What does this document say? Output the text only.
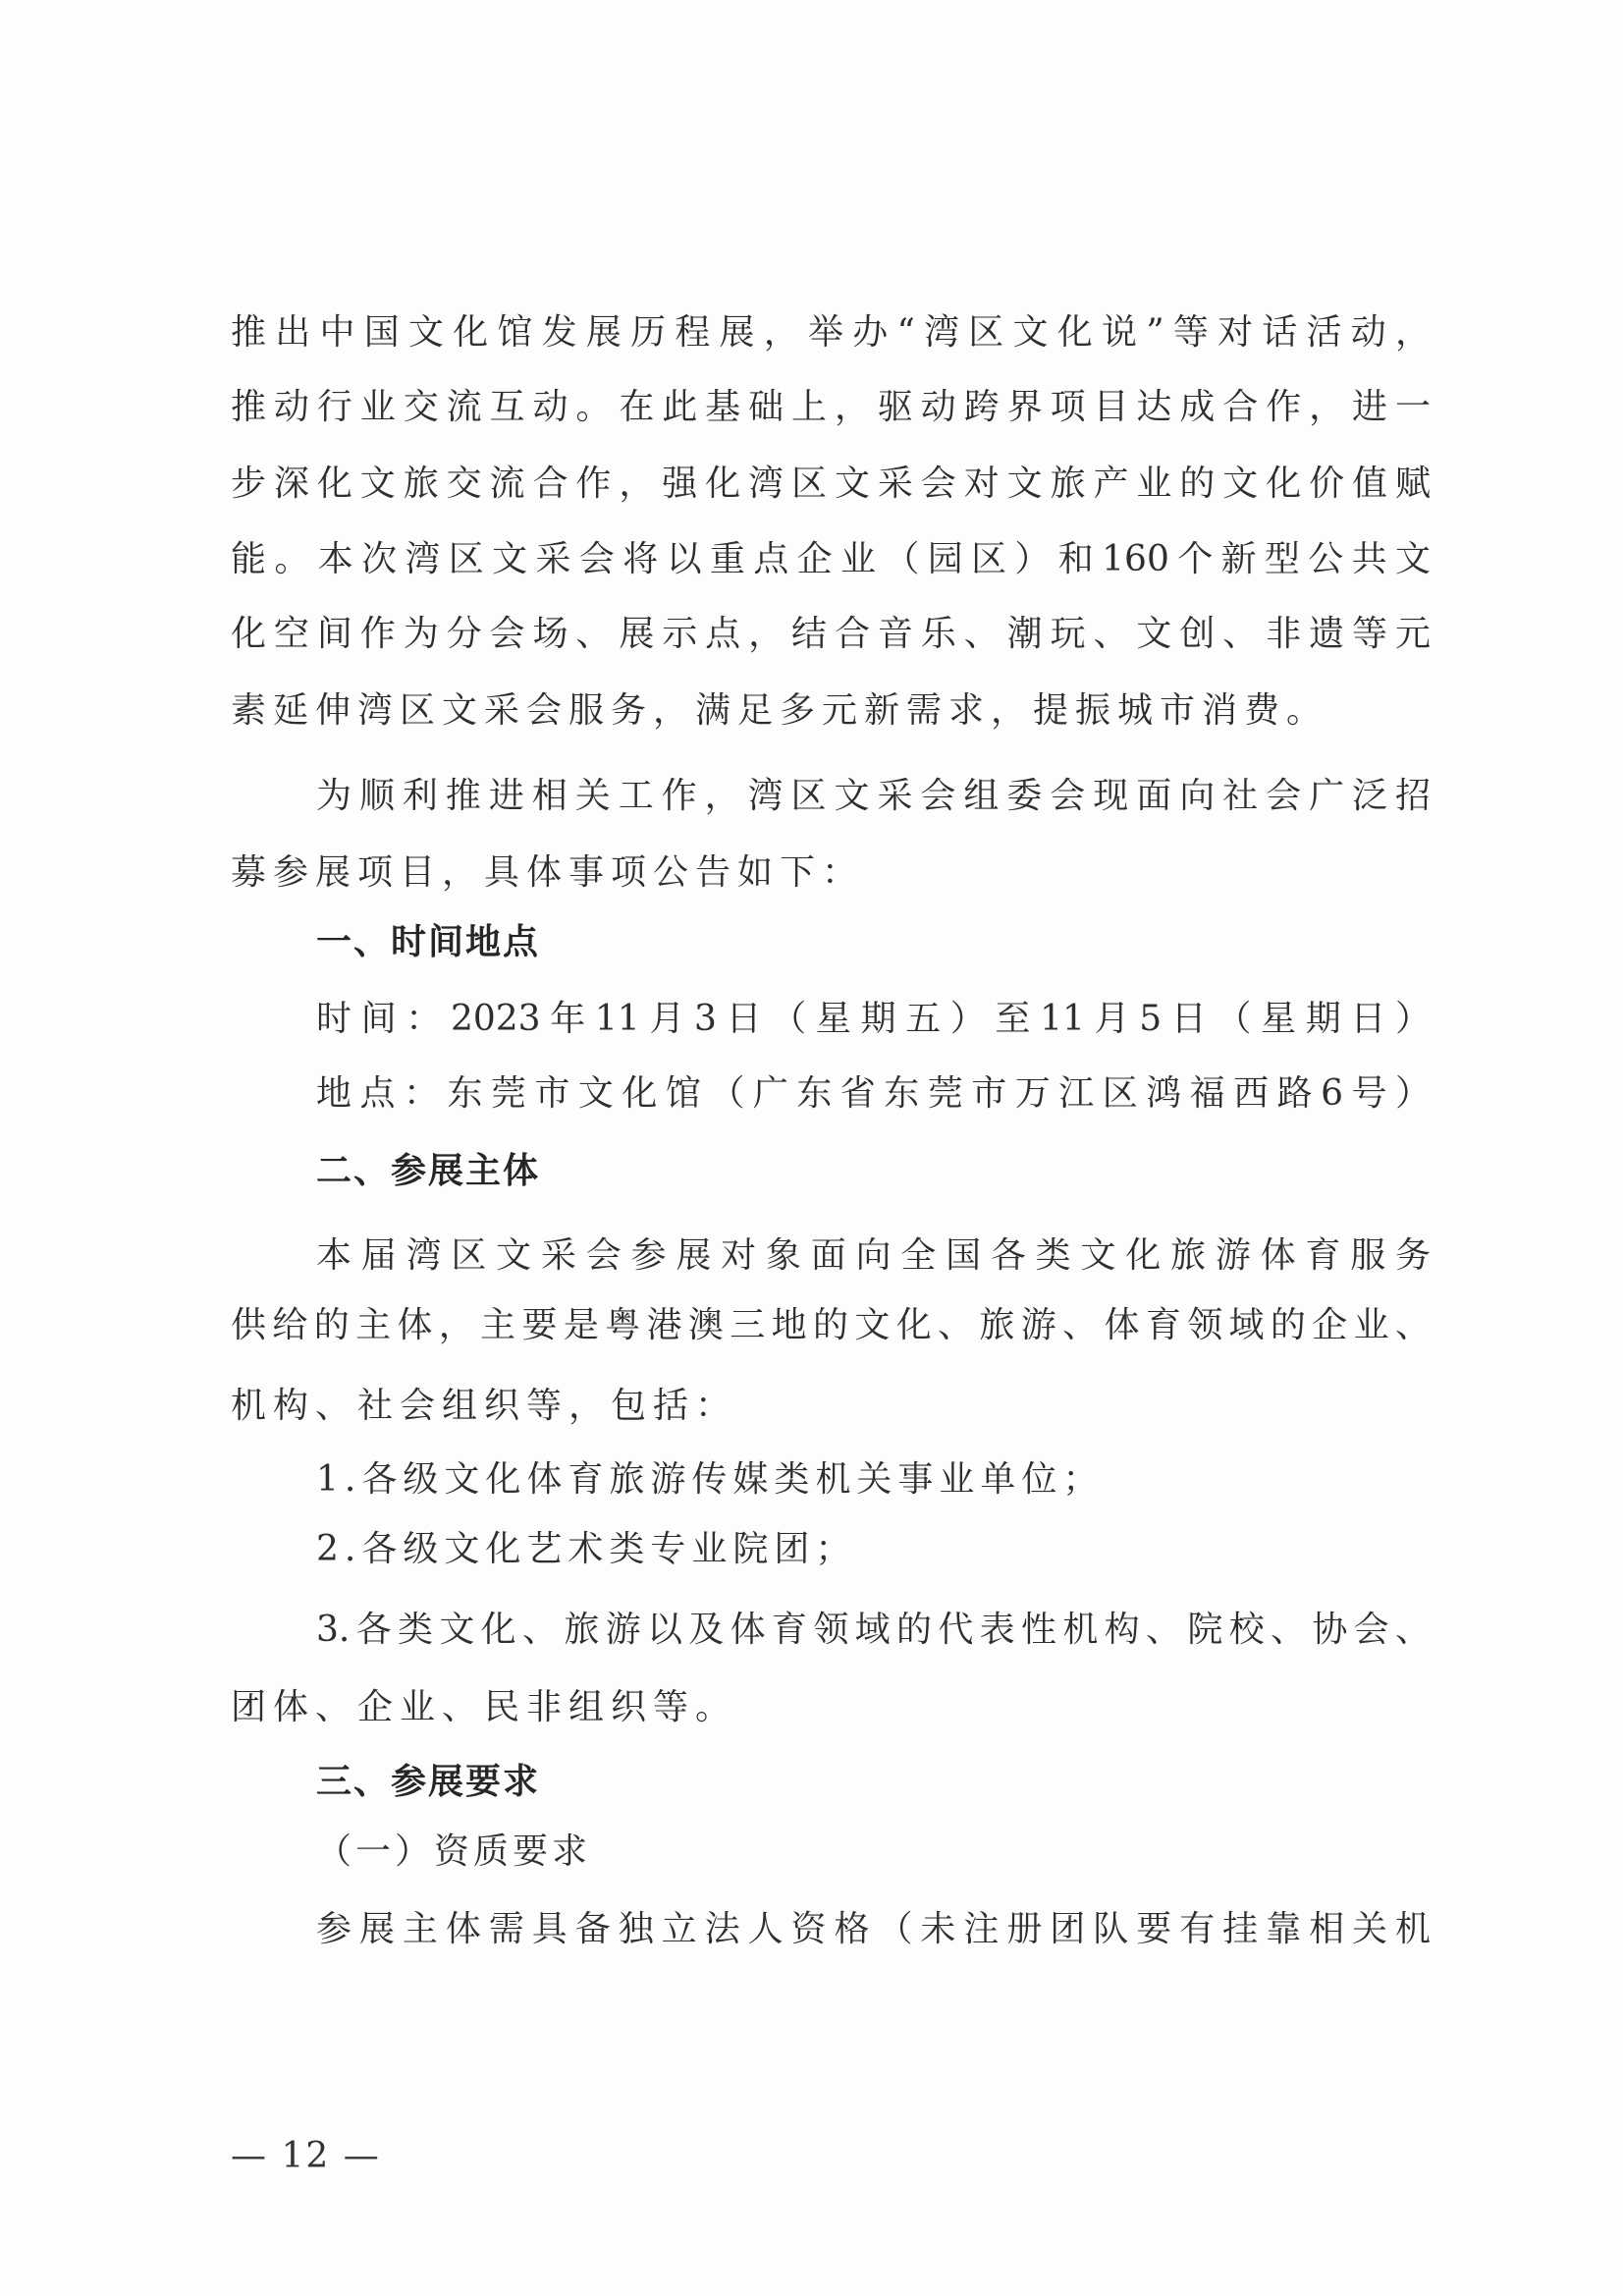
推出中国文化馆发展历程展，举办“湾区文化说”等对话活动，
推动行业交流互动。在此基础上，驱动跨界项目达成合作，进一
步深化文旅交流合作，强化湾区文采会对文旅产业的文化价值赋
能。本次湾区文采会将以重点企业（园区）和160个新型公共文
化空间作为分会场、展示点，结合音乐、潮玩、文创、非遗等元
素延伸湾区文采会服务，满足多元新需求，提振城市消费。
为顺利推进相关工作，湾区文采会组委会现面向社会广泛招
募参展项目，具体事项公告如下：
一、时间地点
时间：2023年11月3日（星期五）至11月5日（星期日）
地点：东莞市文化馆（广东省东莞市万江区鸿福西路6号）
二、参展主体
本届湾区文采会参展对象面向全国各类文化旅游体育服务
供给的主体，主要是粤港澳三地的文化、旅游、体育领域的企业、
机构、社会组织等，包括：
1.各级文化体育旅游传媒类机关事业单位；
2.各级文化艺术类专业院团；
3.各类文化、旅游以及体育领域的代表性机构、院校、协会、
团体、企业、民非组织等。
三、参展要求
（一）资质要求
参展主体需具备独立法人资格（未注册团队要有挂靠相关机
— 12 —
